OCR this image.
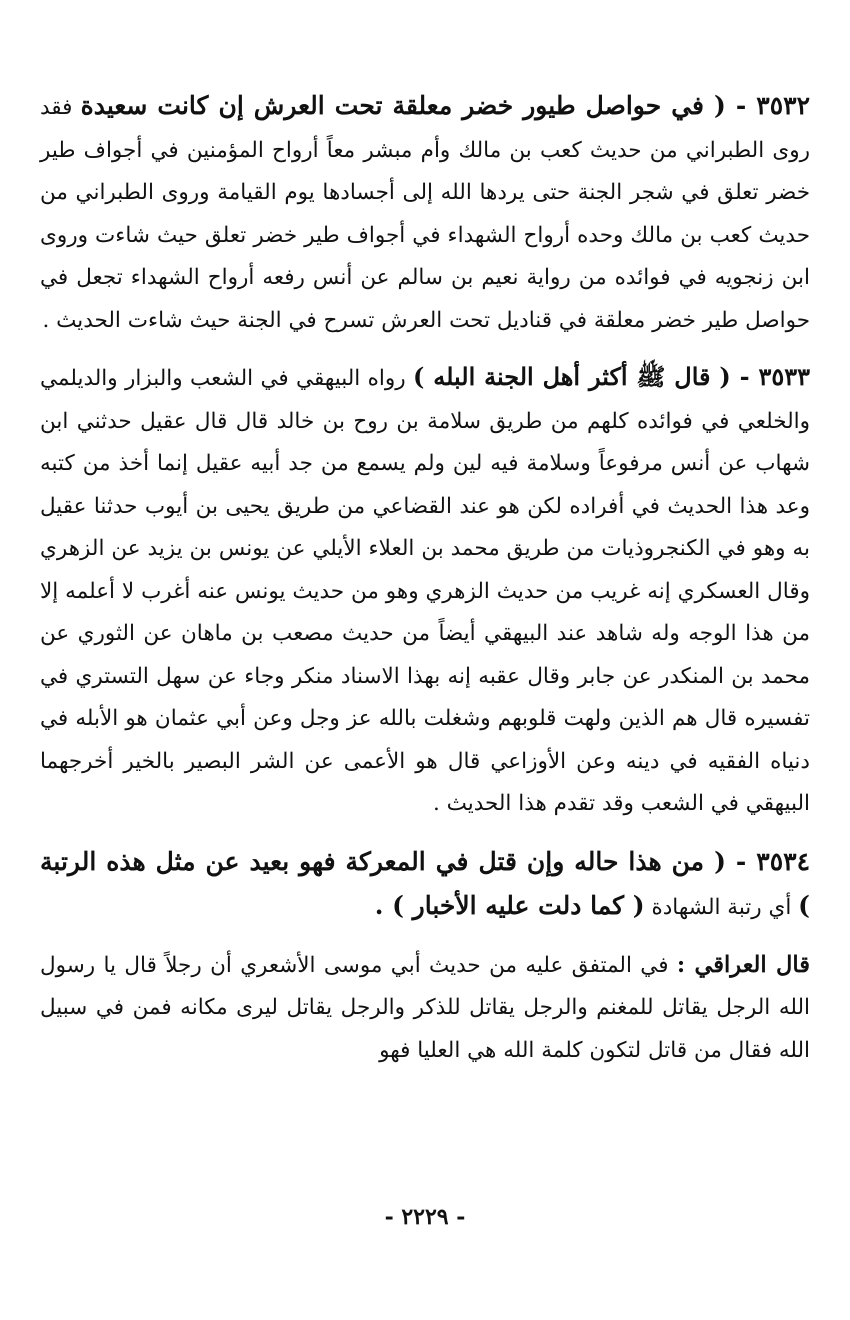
٣٥٣٢ - ( في حواصل طيور خضر معلقة تحت العرش إن كانت سعيدة فقد روى الطبراني من حديث كعب بن مالك وأم مبشر معاً أرواح المؤمنين في أجواف طير خضر تعلق في شجر الجنة حتى يردها الله إلى أجسادها يوم القيامة وروى الطبراني من حديث كعب بن مالك وحده أرواح الشهداء في أجواف طير خضر تعلق حيث شاءت وروى ابن زنجويه في فوائده من رواية نعيم بن سالم عن أنس رفعه أرواح الشهداء تجعل في حواصل طير خضر معلقة في قناديل تحت العرش تسرح في الجنة حيث شاءت الحديث .

٣٥٣٣ - ( قال ﷺ أكثر أهل الجنة البله ) رواه البيهقي في الشعب والبزار والديلمي والخلعي في فوائده كلهم من طريق سلامة بن روح بن خالد قال قال عقيل حدثني ابن شهاب عن أنس مرفوعاً وسلامة فيه لين ولم يسمع من جد أبيه عقيل إنما أخذ من كتبه وعد هذا الحديث في أفراده لكن هو عند القضاعي من طريق يحيى بن أيوب حدثنا عقيل به وهو في الكنجروذيات من طريق محمد بن العلاء الأيلي عن يونس بن يزيد عن الزهري وقال العسكري إنه غريب من حديث الزهري وهو من حديث يونس عنه أغرب لا أعلمه إلا من هذا الوجه وله شاهد عند البيهقي أيضاً من حديث مصعب بن ماهان عن الثوري عن محمد بن المنكدر عن جابر وقال عقبه إنه بهذا الاسناد منكر وجاء عن سهل التستري في تفسيره قال هم الذين ولهت قلوبهم وشغلت بالله عز وجل وعن أبي عثمان هو الأبله في دنياه الفقيه في دينه وعن الأوزاعي قال هو الأعمى عن الشر البصير بالخير أخرجهما البيهقي في الشعب وقد تقدم هذا الحديث .

٣٥٣٤ - ( من هذا حاله وإن قتل في المعركة فهو بعيد عن مثل هذه الرتبة ) أي رتبة الشهادة ( كما دلت عليه الأخبار ) .

قال العراقي : في المتفق عليه من حديث أبي موسى الأشعري أن رجلاً قال يا رسول الله الرجل يقاتل للمغنم والرجل يقاتل للذكر والرجل يقاتل ليرى مكانه فمن في سبيل الله فقال من قاتل لتكون كلمة الله هي العليا فهو

- ٢٢٢٩ -
